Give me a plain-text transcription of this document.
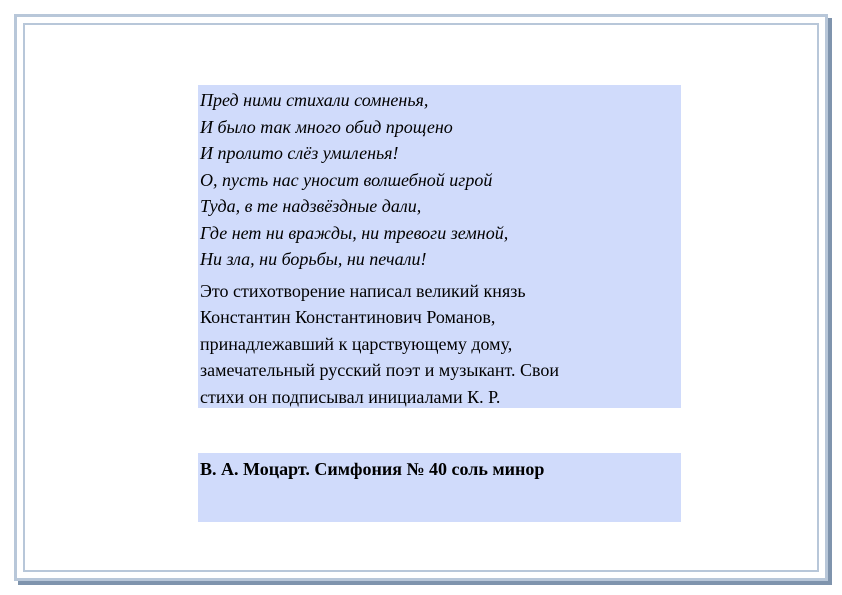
Пред ними стихали сомненья,
И было так много обид прощено
И пролито слёз умиленья!
О, пусть нас уносит волшебной игрой
Туда, в те надзвёздные дали,
Где нет ни вражды, ни тревоги земной,
Ни зла, ни борьбы, ни печали!
Это стихотворение написал великий князь
Константин Константинович Романов,
принадлежавший к царствующему дому,
замечательный русский поэт и музыкант. Свои
стихи он подписывал инициалами К. Р.
В. А. Моцарт. Симфония № 40 соль минор
